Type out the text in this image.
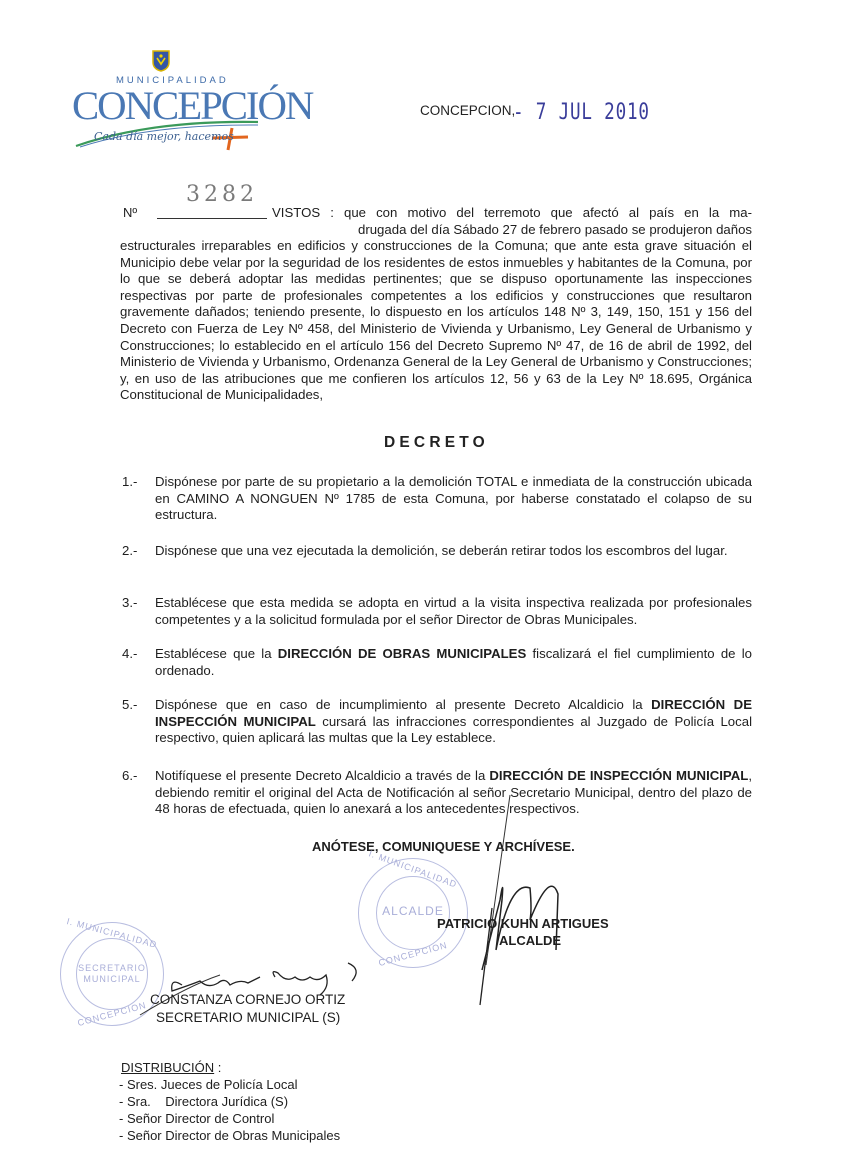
MUNICIPALIDAD
CONCEPCIÓN
Cada día mejor, hacemos
CONCEPCION,
- 7 JUL 2010
Nº
3282
VISTOS : que con motivo del terremoto que afectó al país en la ma-
drugada del día Sábado 27 de febrero pasado se produjeron daños
estructurales irreparables en edificios y construcciones de la Comuna; que ante esta grave situación el Municipio debe velar por la seguridad de los residentes de estos inmuebles y habitantes de la Comuna, por lo que se deberá adoptar las medidas pertinentes; que se dispuso oportunamente las inspecciones respectivas por parte de profesionales competentes a los edificios y construcciones que resultaron gravemente dañados; teniendo presente, lo dispuesto en los artículos 148 Nº 3, 149, 150, 151 y 156 del Decreto con Fuerza de Ley Nº 458, del Ministerio de Vivienda y Urbanismo, Ley General de Urbanismo y Construcciones; lo establecido en el artículo 156 del Decreto Supremo Nº 47, de 16 de abril de 1992, del Ministerio de Vivienda y Urbanismo, Ordenanza General de la Ley General de Urbanismo y Construcciones; y, en uso de las atribuciones que me confieren los artículos 12, 56 y 63 de la Ley Nº 18.695, Orgánica Constitucional de Municipalidades,
DECRETO
1.- Dispónese por parte de su propietario a la demolición TOTAL e inmediata de la construcción ubicada en CAMINO A NONGUEN Nº 1785 de esta Comuna, por haberse constatado el colapso de su estructura.
2.- Dispónese que una vez ejecutada la demolición, se deberán retirar todos los escombros del lugar.
3.- Establécese que esta medida se adopta en virtud a la visita inspectiva realizada por profesionales competentes y a la solicitud formulada por el señor Director de Obras Municipales.
4.- Establécese que la DIRECCIÓN DE OBRAS MUNICIPALES fiscalizará el fiel cumplimiento de lo ordenado.
5.- Dispónese que en caso de incumplimiento al presente Decreto Alcaldicio la DIRECCIÓN DE INSPECCIÓN MUNICIPAL cursará las infracciones correspondientes al Juzgado de Policía Local respectivo, quien aplicará las multas que la Ley establece.
6.- Notifíquese el presente Decreto Alcaldicio a través de la DIRECCIÓN DE INSPECCIÓN MUNICIPAL, debiendo remitir el original del Acta de Notificación al señor Secretario Municipal, dentro del plazo de 48 horas de efectuada, quien lo anexará a los antecedentes respectivos.
ANÓTESE, COMUNIQUESE Y ARCHÍVESE.
I. MUNICIPALIDAD
ALCALDE
CONCEPCION
PATRICIO KUHN ARTIGUES
ALCALDE
I. MUNICIPALIDAD
SECRETARIO
MUNICIPAL
CONCEPCION
CONSTANZA CORNEJO ORTIZ
SECRETARIO MUNICIPAL (S)
DISTRIBUCIÓN :
- Sres. Jueces de Policía Local
- Sra.    Directora Jurídica (S)
- Señor Director de Control
- Señor Director de Obras Municipales
